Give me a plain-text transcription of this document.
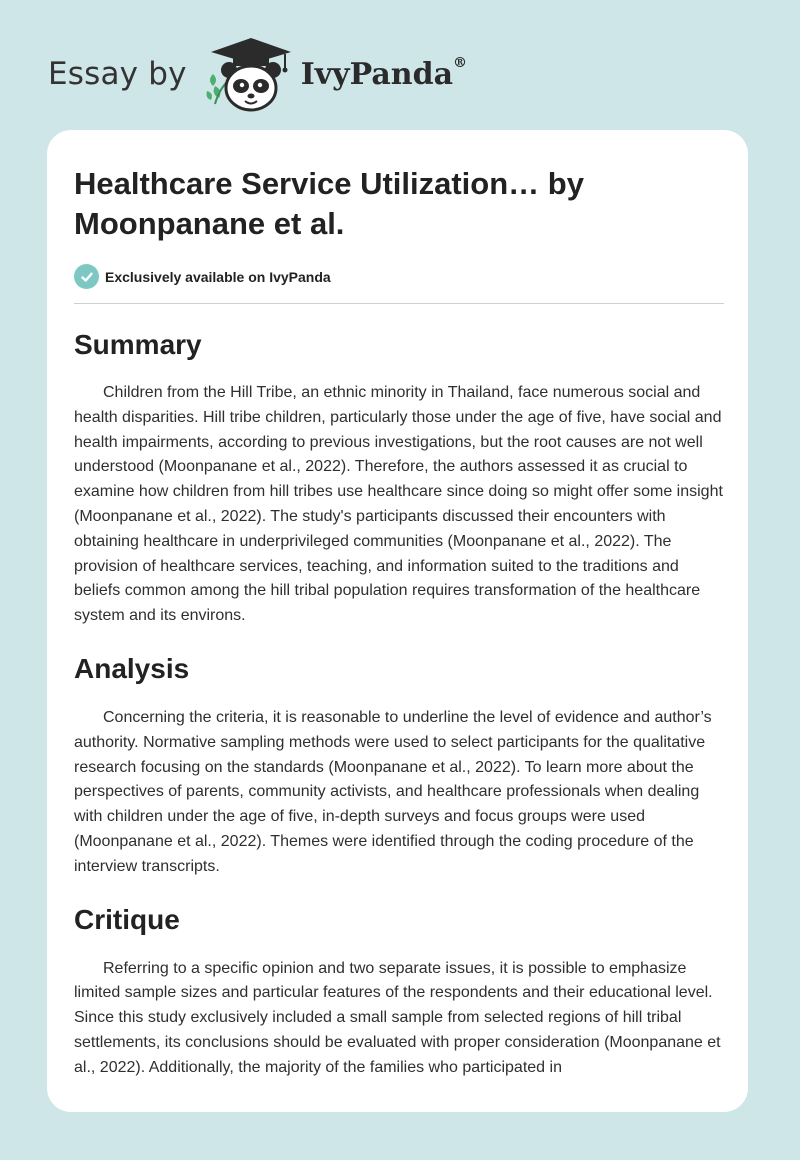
Essay by	IvyPanda®
Healthcare Service Utilization… by Moonpanane et al.
Exclusively available on IvyPanda
Summary

Children from the Hill Tribe, an ethnic minority in Thailand, face numerous social and health disparities. Hill tribe children, particularly those under the age of five, have social and health impairments, according to previous investigations, but the root causes are not well understood (Moonpanane et al., 2022). Therefore, the authors assessed it as crucial to examine how children from hill tribes use healthcare since doing so might offer some insight (Moonpanane et al., 2022). The study's participants discussed their encounters with obtaining healthcare in underprivileged communities (Moonpanane et al., 2022). The provision of healthcare services, teaching, and information suited to the traditions and beliefs common among the hill tribal population requires transformation of the healthcare system and its environs.

Analysis

Concerning the criteria, it is reasonable to underline the level of evidence and author’s authority. Normative sampling methods were used to select participants for the qualitative research focusing on the standards (Moonpanane et al., 2022). To learn more about the perspectives of parents, community activists, and healthcare professionals when dealing with children under the age of five, in-depth surveys and focus groups were used (Moonpanane et al., 2022). Themes were identified through the coding procedure of the interview transcripts.

Critique

Referring to a specific opinion and two separate issues, it is possible to emphasize limited sample sizes and particular features of the respondents and their educational level. Since this study exclusively included a small sample from selected regions of hill tribal settlements, its conclusions should be evaluated with proper consideration (Moonpanane et al., 2022). Additionally, the majority of the families who participated in
